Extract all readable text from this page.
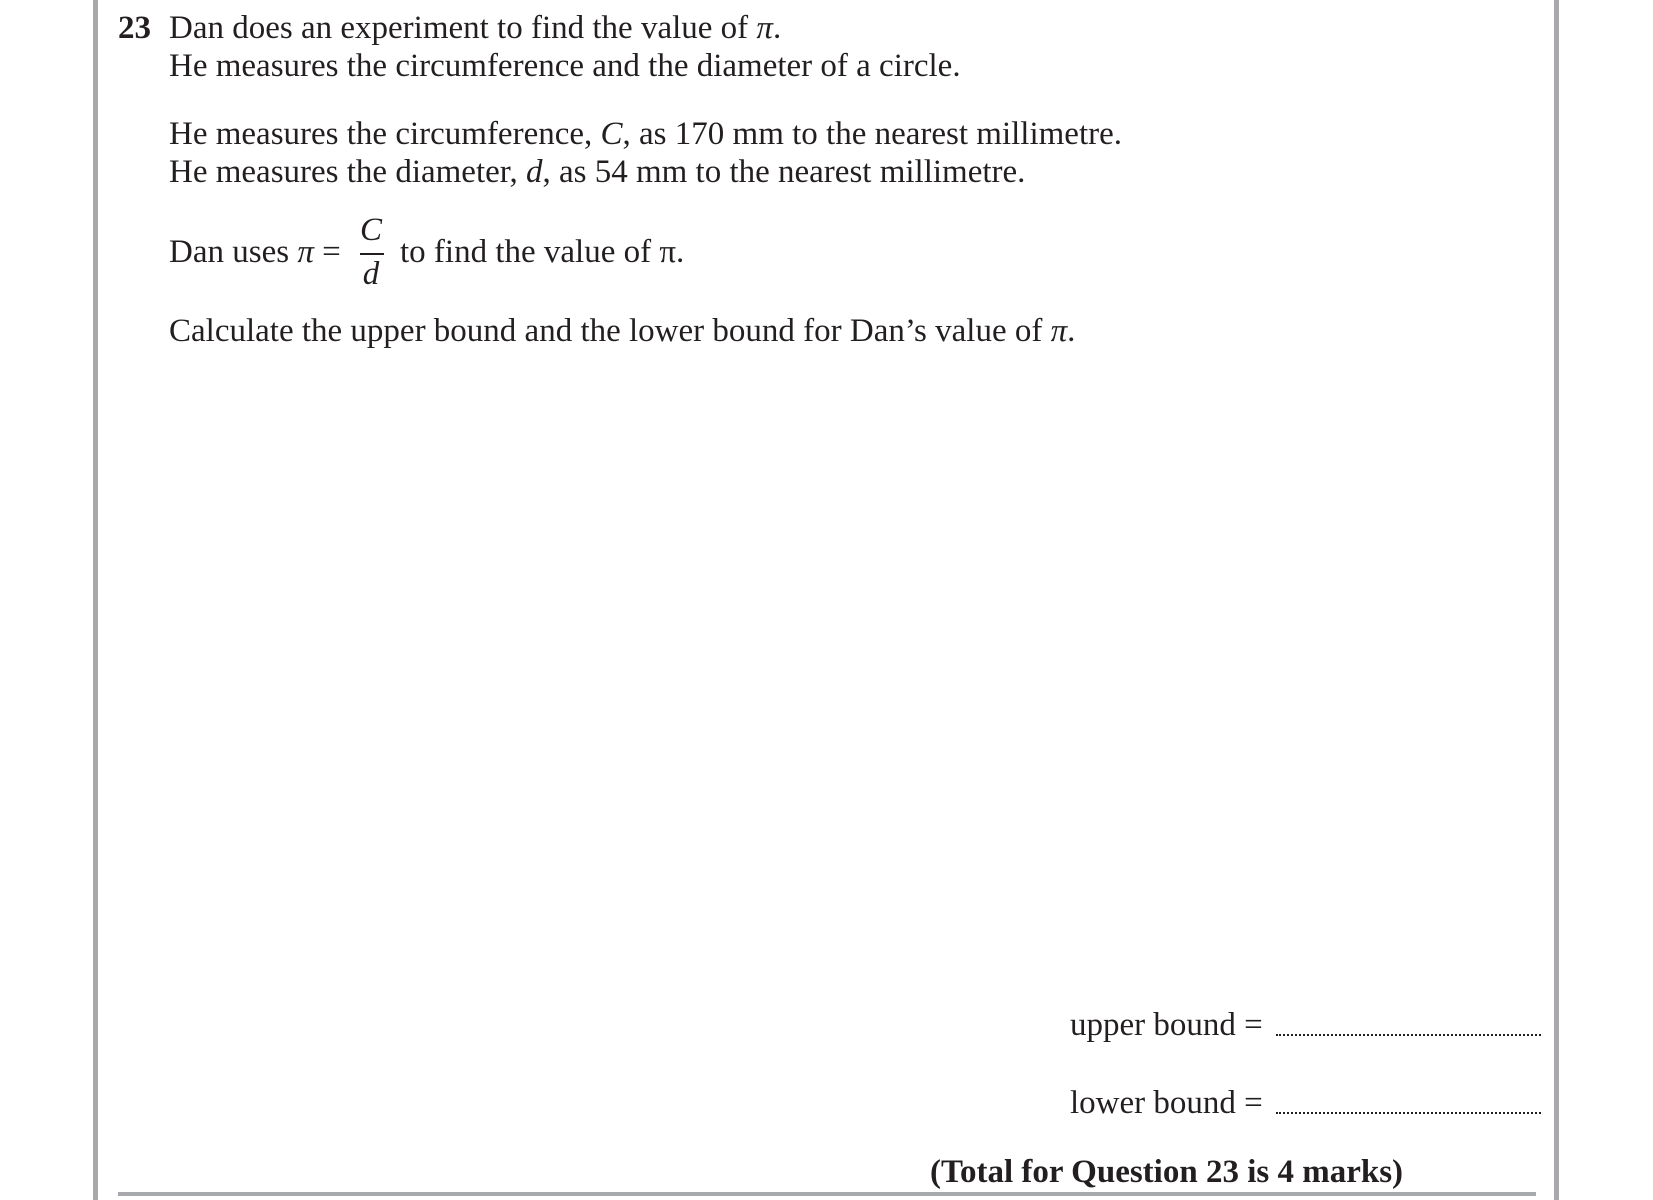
23 Dan does an experiment to find the value of π.
He measures the circumference and the diameter of a circle.
He measures the circumference, C, as 170 mm to the nearest millimetre.
He measures the diameter, d, as 54 mm to the nearest millimetre.
Dan uses π =
C
d
to find the value of π.
Calculate the upper bound and the lower bound for Dan’s value of π.
upper bound =
lower bound =
(Total for Question 23 is 4 marks)
